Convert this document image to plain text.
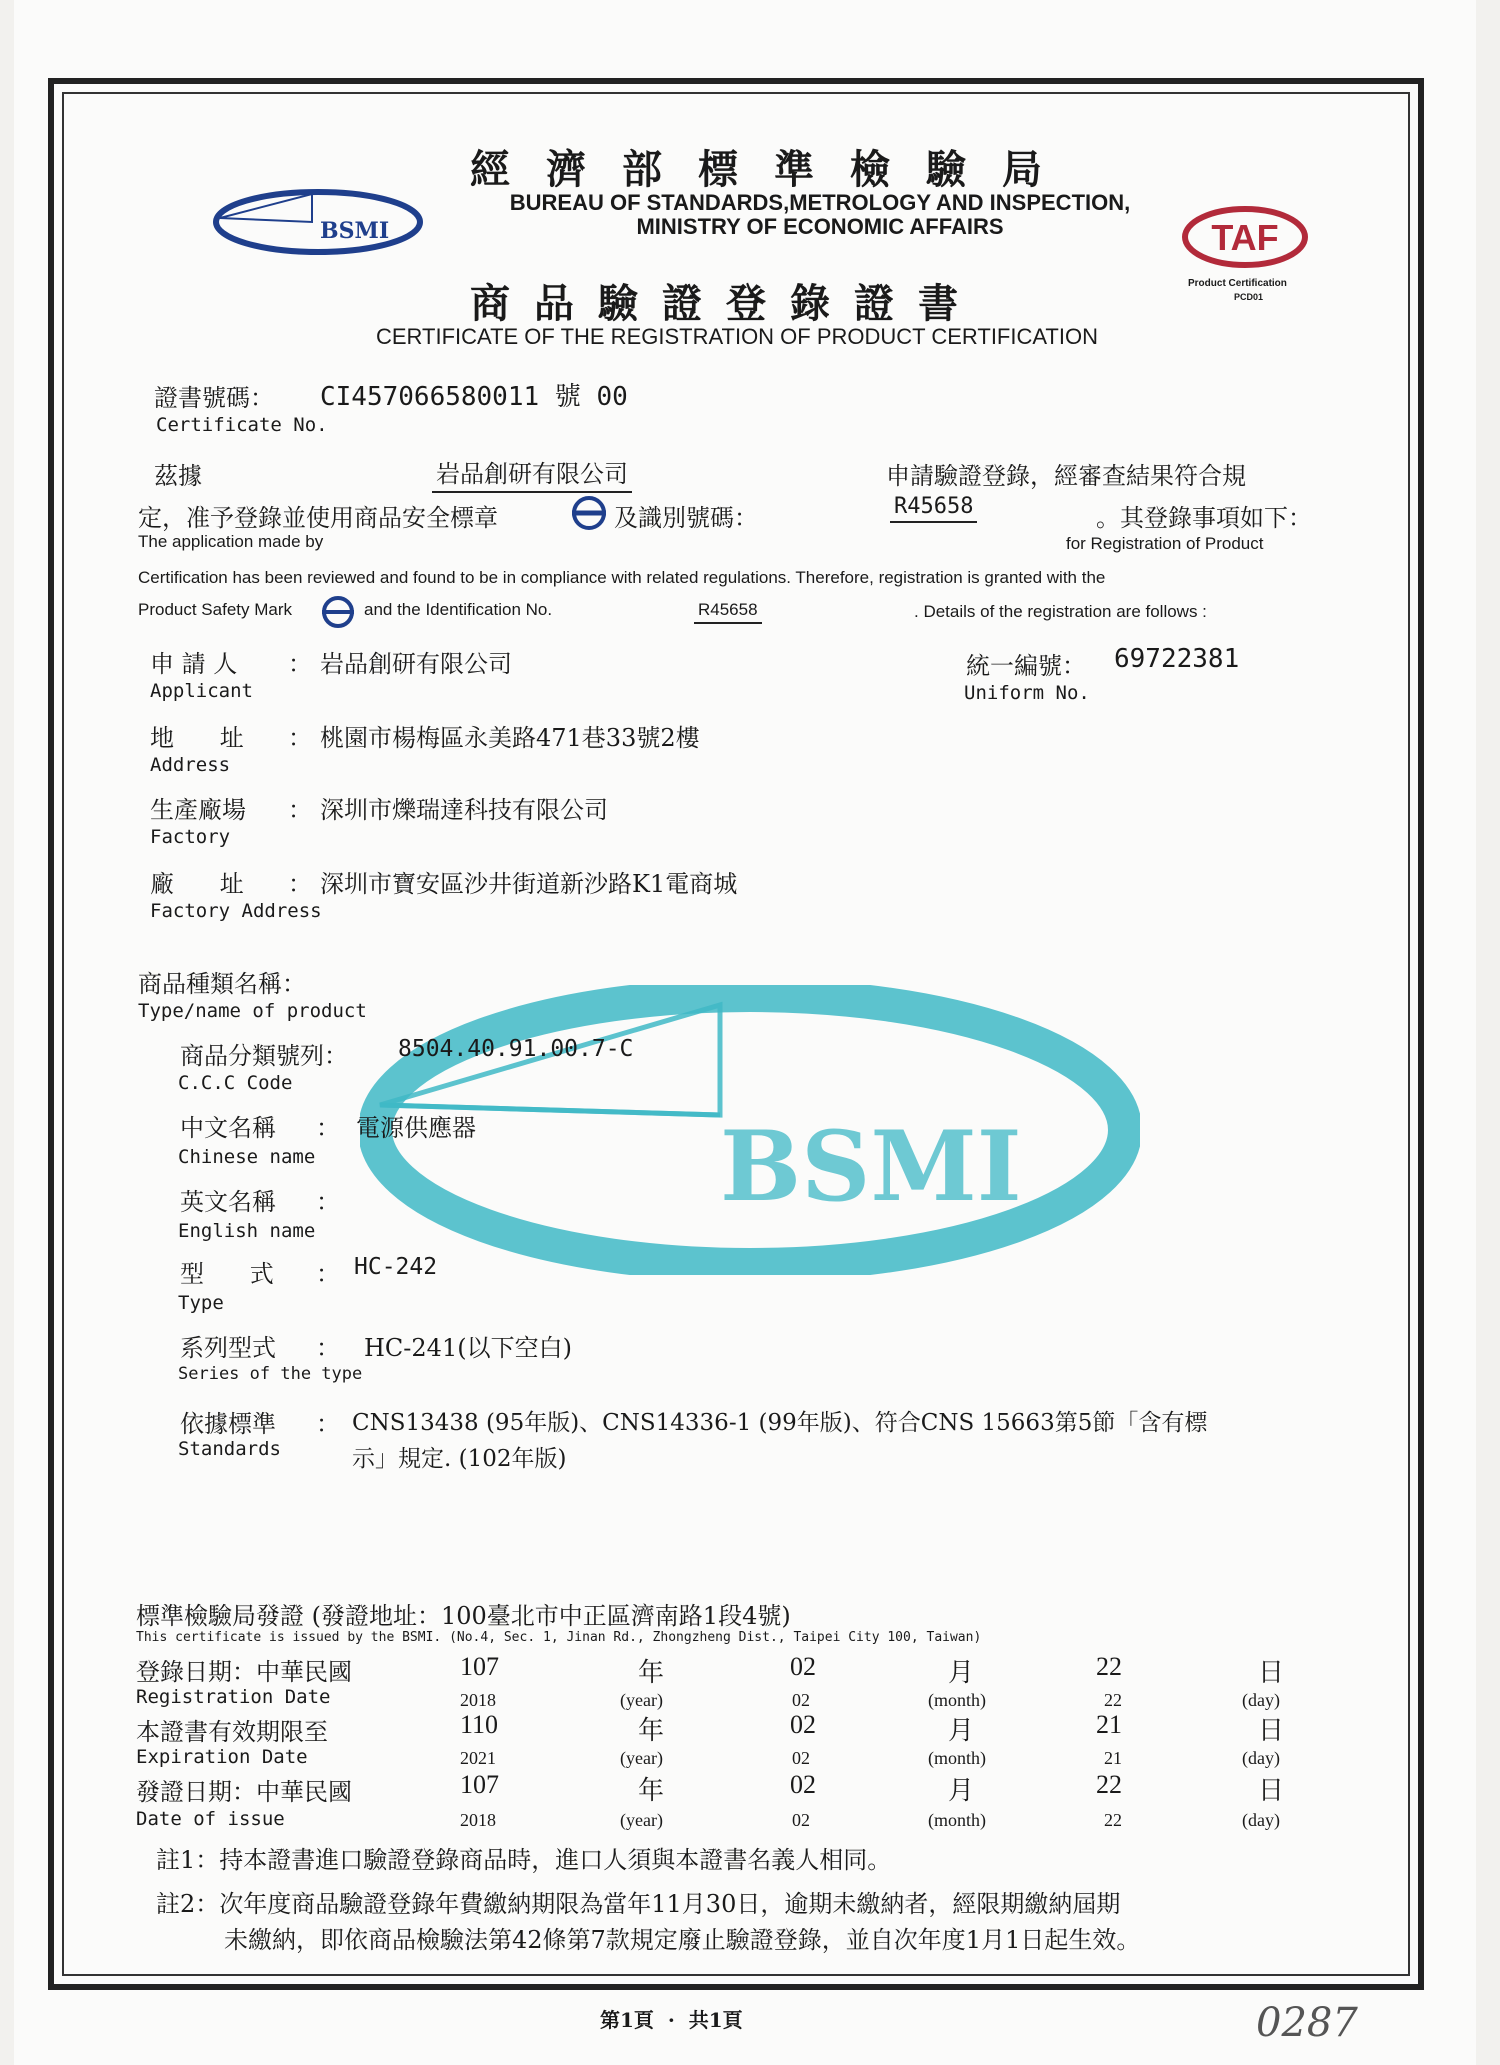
BSMI
BSMI	TAF
Product Certification
PCD01
經濟部標準檢驗局
BUREAU OF STANDARDS,METROLOGY AND INSPECTION,
MINISTRY OF ECONOMIC AFFAIRS
商品驗證登錄證書
CERTIFICATE OF THE REGISTRATION OF PRODUCT CERTIFICATION
證書號碼： CI457066580011 號 00
Certificate No.
茲據	岩品創研有限公司	申請驗證登錄，經審查結果符合規
定，准予登錄並使用商品安全標章	及識別號碼：	R45658	。其登錄事項如下：
The application made by	for Registration of Product
Certification has been reviewed and found to be in compliance with related regulations. Therefore, registration is granted with the
Product Safety Mark	and the Identification No.	R45658	. Details of the registration are follows :
申 請 人 ： 岩品創研有限公司
Applicant
統一編號： 69722381
Uniform No.
地      址 ： 桃園市楊梅區永美路471巷33號2樓
Address
生產廠場 ： 深圳市爍瑞達科技有限公司
Factory
廠      址 ： 深圳市寶安區沙井街道新沙路K1電商城
Factory Address
商品種類名稱：
Type/name of product
商品分類號列： 8504.40.91.00.7-C
C.C.C Code
中文名稱 ： 電源供應器
Chinese name
英文名稱 ：
English name
型      式 ： HC-242
Type
系列型式 ： HC-241(以下空白)
Series of the type
依據標準 ： CNS13438 (95年版)、CNS14336-1 (99年版)、符合CNS 15663第5節「含有標
Standards	示」規定. (102年版)
標準檢驗局發證 (發證地址：100臺北市中正區濟南路1段4號)
This certificate is issued by the BSMI. (No.4, Sec. 1, Jinan Rd., Zhongzheng Dist., Taipei City 100, Taiwan)
登錄日期：中華民國	107	年	02	月	22	日
Registration Date	2018	(year)	02	(month)	22	(day)
本證書有效期限至	110	年	02	月	21	日
Expiration Date	2021	(year)	02	(month)	21	(day)
發證日期：中華民國	107	年	02	月	22	日
Date of issue	2018	(year)	02	(month)	22	(day)
註1：持本證書進口驗證登錄商品時，進口人須與本證書名義人相同。
註2：次年度商品驗證登錄年費繳納期限為當年11月30日，逾期未繳納者，經限期繳納屆期
未繳納，即依商品檢驗法第42條第7款規定廢止驗證登錄，並自次年度1月1日起生效。
第1頁  ·  共1頁	0287
